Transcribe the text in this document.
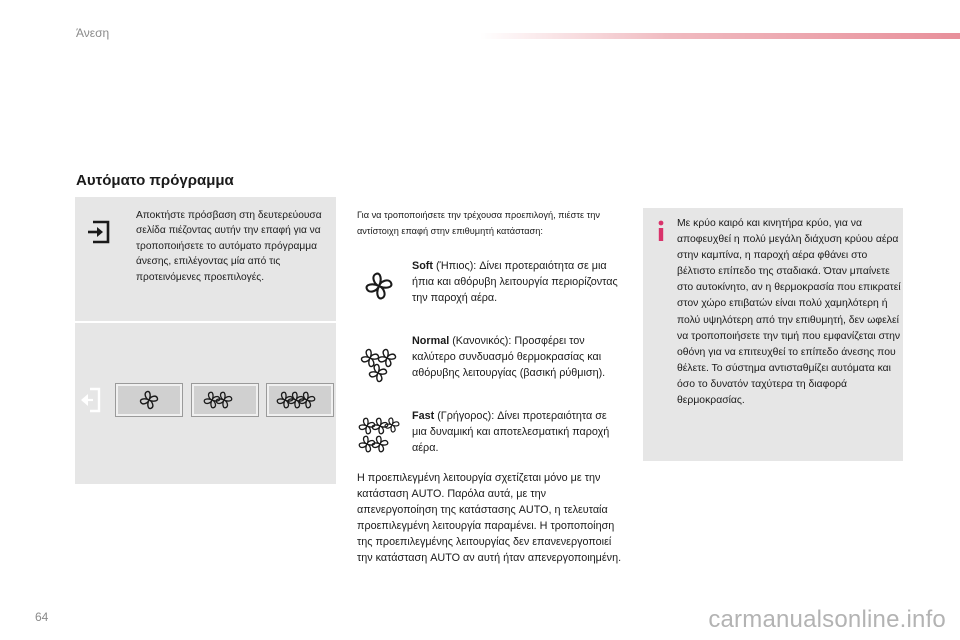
Άνεση
Αυτόματο πρόγραμμα
Αποκτήστε πρόσβαση στη δευτερεύουσα σελίδα πιέζοντας αυτήν την επαφή για να τροποποιήσετε το αυτόματο πρόγραμμα άνεσης, επιλέγοντας μία από τις προτεινόμενες προεπιλογές.
Για να τροποποιήσετε την τρέχουσα προεπιλογή, πιέστε την αντίστοιχη επαφή στην επιθυμητή κατάσταση:
Soft (Ήπιος): Δίνει προτεραιότητα σε μια ήπια και αθόρυβη λειτουργία περιορίζοντας την παροχή αέρα.
Normal (Κανονικός): Προσφέρει τον καλύτερο συνδυασμό θερμοκρασίας και αθόρυβης λειτουργίας (βασική ρύθμιση).
Fast (Γρήγορος): Δίνει προτεραιότητα σε μια δυναμική και αποτελεσματική παροχή αέρα.
Η προεπιλεγμένη λειτουργία σχετίζεται μόνο με την κατάσταση AUTO. Παρόλα αυτά, με την απενεργοποίηση της κατάστασης AUTO, η τελευταία προεπιλεγμένη λειτουργία παραμένει. Η τροποποίηση της προεπιλεγμένης λειτουργίας δεν επανενεργοποιεί την κατάσταση AUTO αν αυτή ήταν απενεργοποιημένη.
Με κρύο καιρό και κινητήρα κρύο, για να αποφευχθεί η πολύ μεγάλη διάχυση κρύου αέρα στην καμπίνα, η παροχή αέρα φθάνει στο βέλτιστο επίπεδο της σταδιακά. Όταν μπαίνετε στο αυτοκίνητο, αν η θερμοκρασία που επικρατεί στον χώρο επιβατών είναι πολύ χαμηλότερη ή πολύ υψηλότερη από την επιθυμητή, δεν ωφελεί να τροποποιήσετε την τιμή που εμφανίζεται στην οθόνη για να επιτευχθεί το επίπεδο άνεσης που θέλετε. Το σύστημα αντισταθμίζει αυτόματα και όσο το δυνατόν ταχύτερα τη διαφορά θερμοκρασίας.
64	carmanualsonline.info
